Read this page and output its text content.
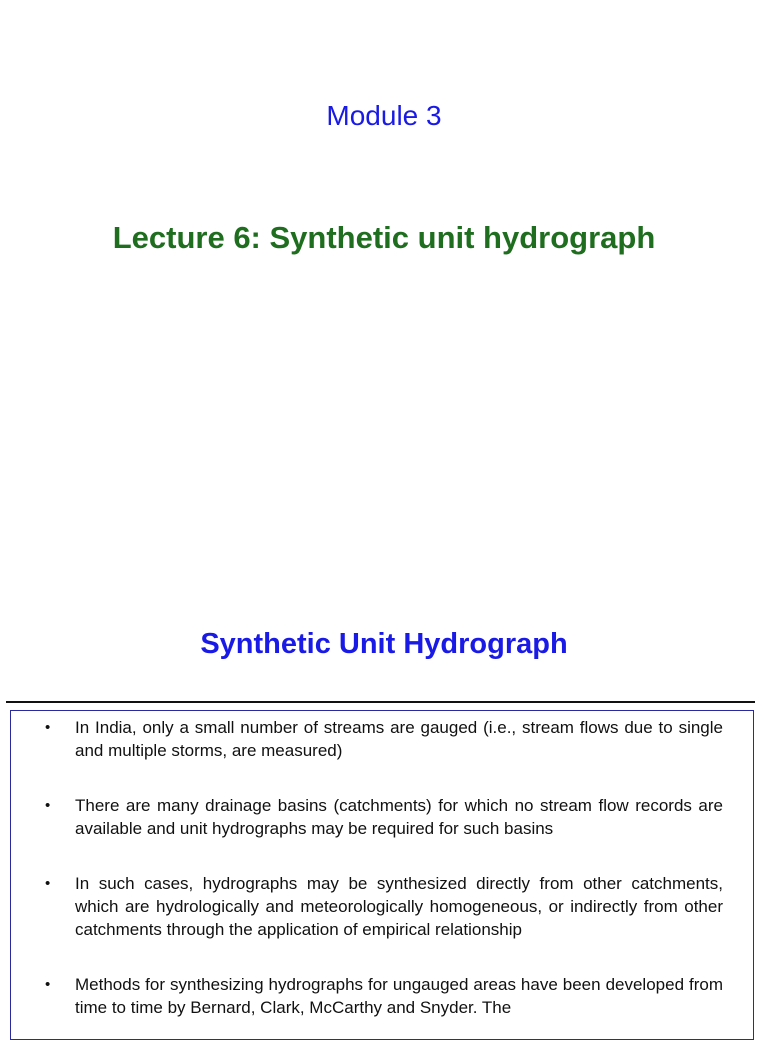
Module 3
Lecture 6: Synthetic unit hydrograph
Synthetic Unit Hydrograph
• In India, only a small number of streams are gauged (i.e., stream flows due to single and multiple storms, are measured)
• There are many drainage basins (catchments) for which no stream flow records are available and unit hydrographs may be required for such basins
• In such cases, hydrographs may be synthesized directly from other catchments, which are hydrologically and meteorologically homogeneous, or indirectly from other catchments through the application of empirical relationship
• Methods for synthesizing hydrographs for ungauged areas have been developed from time to time by Bernard, Clark, McCarthy and Snyder. The
